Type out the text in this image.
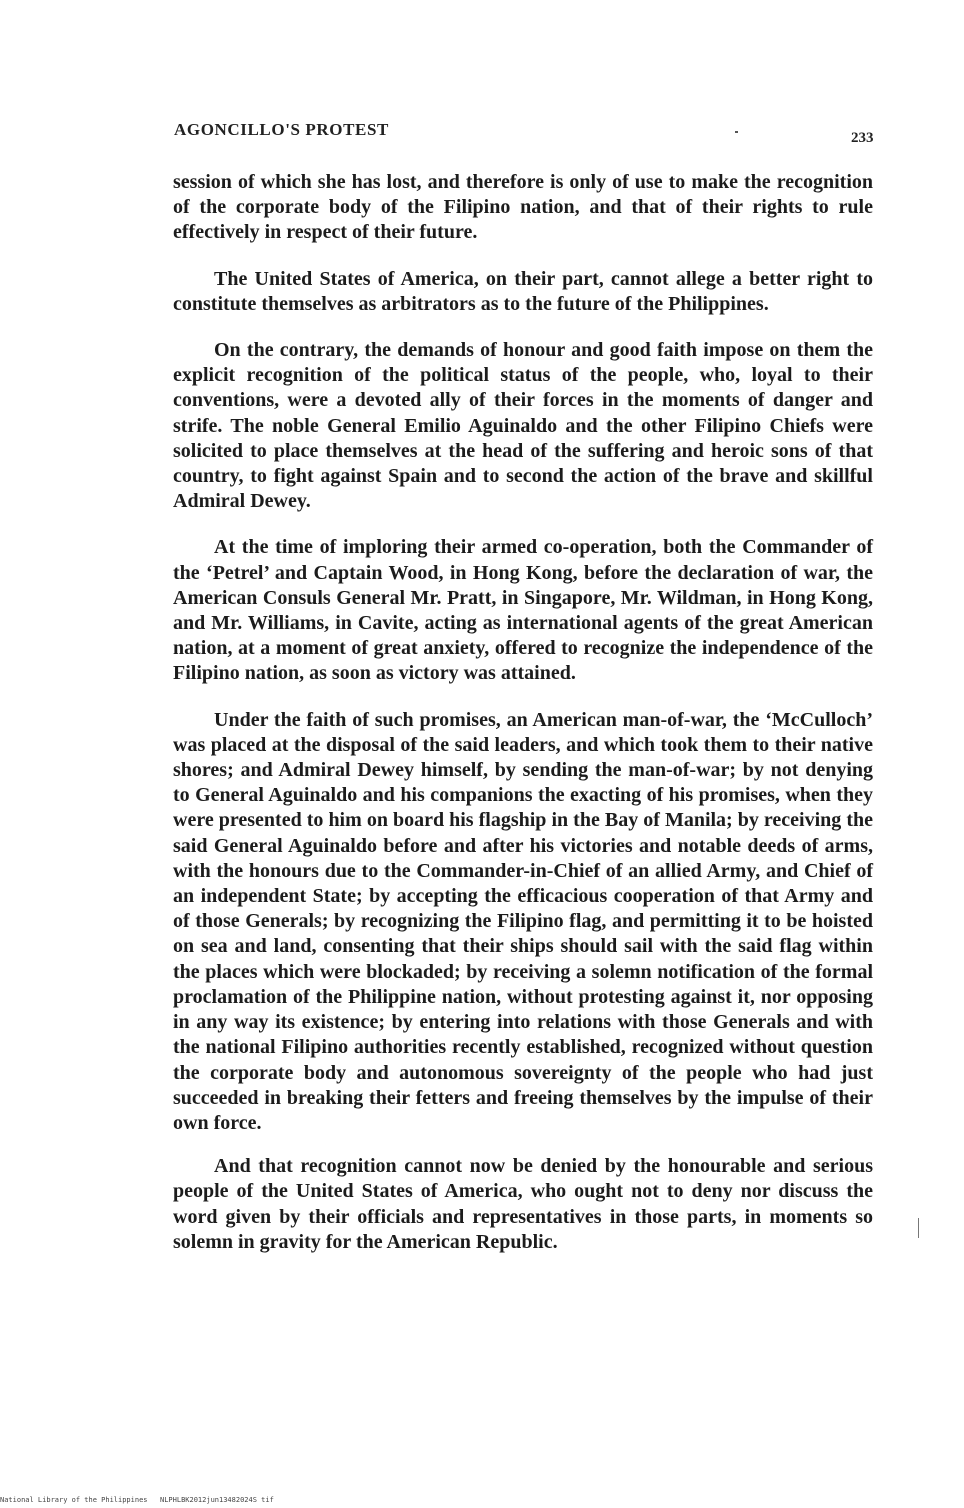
AGONCILLO'S PROTEST	233

session of which she has lost, and therefore is only of use to make the recognition of the corporate body of the Filipino nation, and that of their rights to rule effectively in respect of their future.

The United States of America, on their part, cannot allege a better right to constitute themselves as arbitrators as to the future of the Philippines.

On the contrary, the demands of honour and good faith impose on them the explicit recognition of the political status of the people, who, loyal to their conventions, were a devoted ally of their forces in the moments of danger and strife. The noble General Emilio Aguinaldo and the other Filipino Chiefs were solicited to place themselves at the head of the suffering and heroic sons of that country, to fight against Spain and to second the action of the brave and skillful Admiral Dewey.

At the time of imploring their armed co-operation, both the Commander of the ‘Petrel’ and Captain Wood, in Hong Kong, before the declaration of war, the American Consuls General Mr. Pratt, in Singapore, Mr. Wildman, in Hong Kong, and Mr. Williams, in Cavite, acting as international agents of the great American nation, at a moment of great anxiety, offered to recognize the independence of the Filipino nation, as soon as victory was attained.

Under the faith of such promises, an American man-of-war, the ‘McCulloch’ was placed at the disposal of the said leaders, and which took them to their native shores; and Admiral Dewey himself, by sending the man-of-war; by not denying to General Aguinaldo and his companions the exacting of his promises, when they were presented to him on board his flagship in the Bay of Manila; by receiving the said General Aguinaldo before and after his victories and notable deeds of arms, with the honours due to the Commander-in-Chief of an allied Army, and Chief of an independent State; by accepting the efficacious cooperation of that Army and of those Generals; by recognizing the Filipino flag, and permitting it to be hoisted on sea and land, consenting that their ships should sail with the said flag within the places which were blockaded; by receiving a solemn notification of the formal proclamation of the Philippine nation, without protesting against it, nor opposing in any way its existence; by entering into relations with those Generals and with the national Filipino authorities recently established, recognized without question the corporate body and autonomous sovereignty of the people who had just succeeded in breaking their fetters and freeing themselves by the impulse of their own force.

And that recognition cannot now be denied by the honourable and serious people of the United States of America, who ought not to deny nor discuss the word given by their officials and representatives in those parts, in moments so solemn in gravity for the American Republic.

National Library of the Philippines NLPHLBK2012jun13482024S tif
